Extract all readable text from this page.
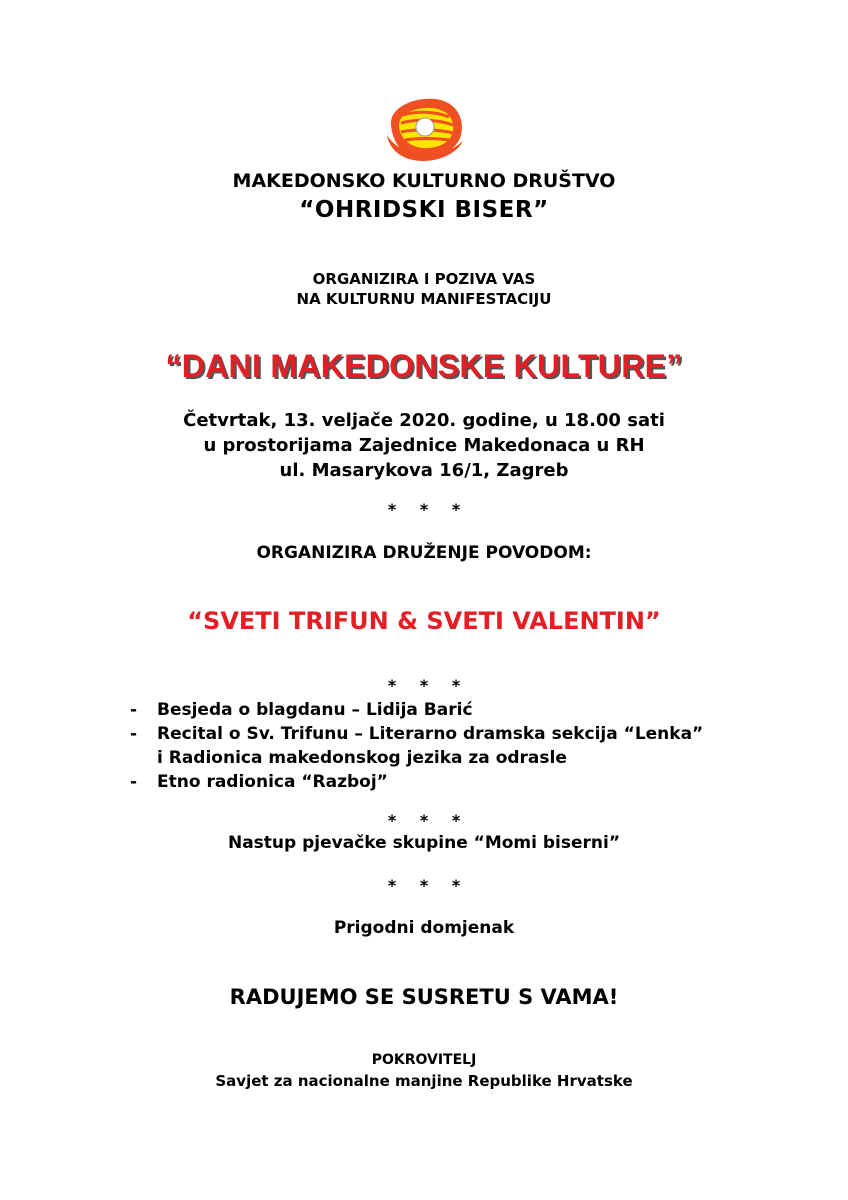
MAKEDONSKO KULTURNO DRUŠTVO
“OHRIDSKI BISER”
ORGANIZIRA I POZIVA VAS
NA KULTURNU MANIFESTACIJU
“DANI MAKEDONSKE KULTURE”
Četvrtak, 13. veljače 2020. godine, u 18.00 sati
u prostorijama Zajednice Makedonaca u RH
ul. Masarykova 16/1, Zagreb
* * *
ORGANIZIRA DRUŽENJE POVODOM:
“SVETI TRIFUN & SVETI VALENTIN”
* * *
- Besjeda o blagdanu – Lidija Barić
- Recital o Sv. Trifunu – Literarno dramska sekcija “Lenka”
i Radionica makedonskog jezika za odrasle
- Etno radionica “Razboj”
* * *
Nastup pjevačke skupine “Momi biserni”
* * *
Prigodni domjenak
RADUJEMO SE SUSRETU S VAMA!
POKROVITELJ
Savjet za nacionalne manjine Republike Hrvatske
